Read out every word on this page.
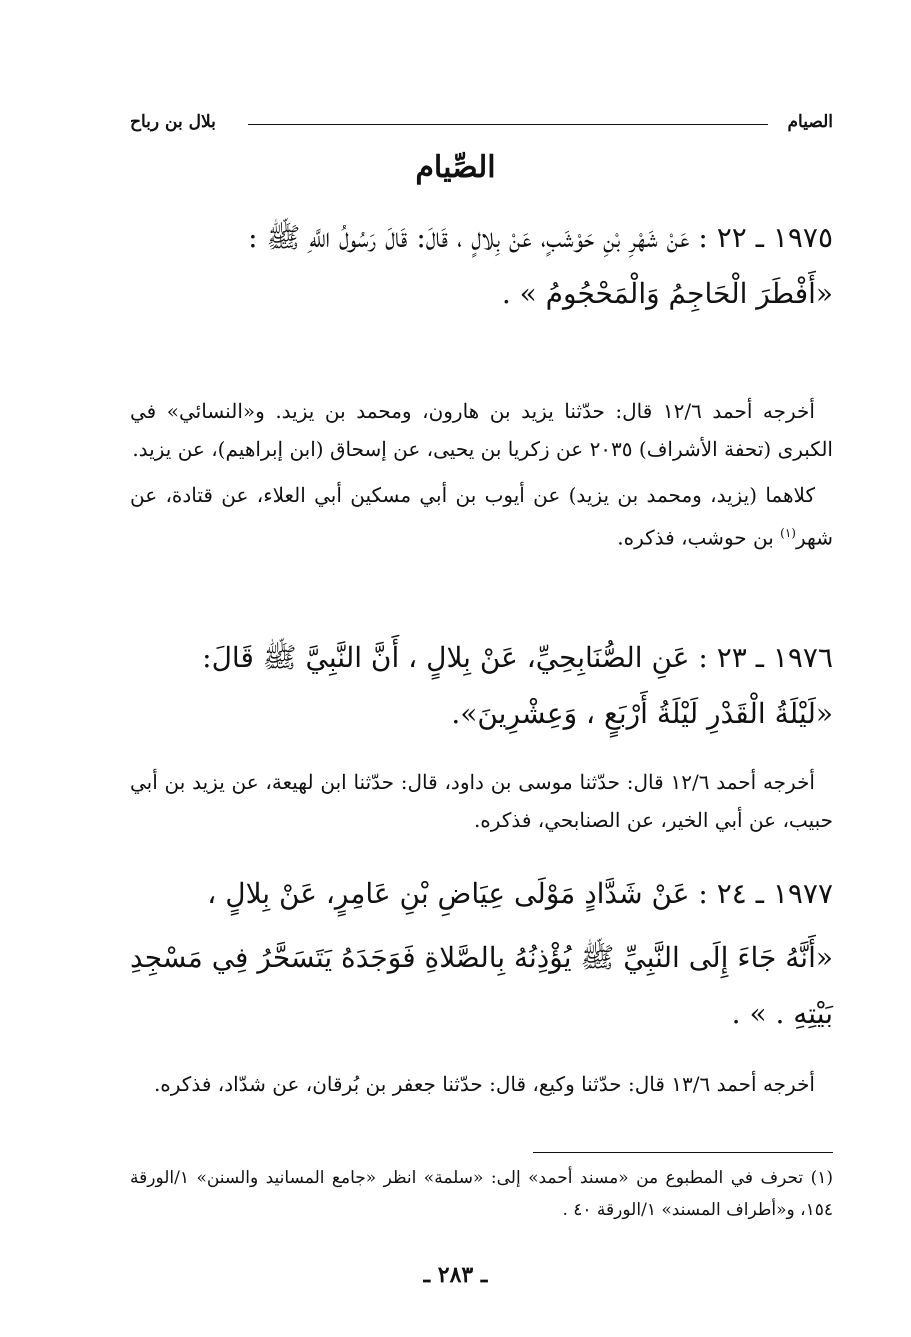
الصيام
بلال بن رباح
الصِّيام
١٩٧٥ ـ ٢٢ : عَنْ شَهْرِ بْنِ حَوْشَبٍ، عَنْ بِلالٍ ، قَالَ: قَالَ رَسُولُ اللَّهِ ﷺ :
«أَفْطَرَ الْحَاجِمُ وَالْمَحْجُومُ » .

أخرجه أحمد ١٢/٦ قال: حدّثنا يزيد بن هارون، ومحمد بن يزيد. و«النسائي» في الكبرى (تحفة الأشراف) ٢٠٣٥ عن زكريا بن يحيى، عن إسحاق (ابن إبراهيم)، عن يزيد.

كلاهما (يزيد، ومحمد بن يزيد) عن أيوب بن أبي مسكين أبي العلاء، عن قتادة، عن شهر$^{(١)}$ بن حوشب، فذكره.

١٩٧٦ ـ ٢٣ : عَنِ الصُّنَابِحِيِّ، عَنْ بِلالٍ ، أَنَّ النَّبِيَّ ﷺ قَالَ:
«لَيْلَةُ الْقَدْرِ لَيْلَةُ أَرْبَعٍ ، وَعِشْرِينَ».

أخرجه أحمد ١٢/٦ قال: حدّثنا موسى بن داود، قال: حدّثنا ابن لهيعة، عن يزيد بن أبي حبيب، عن أبي الخير، عن الصنابحي، فذكره.

١٩٧٧ ـ ٢٤ : عَنْ شَدَّادٍ مَوْلَى عِيَاضِ بْنِ عَامِرٍ، عَنْ بِلالٍ ،
«أَنَّهُ جَاءَ إِلَى النَّبِيِّ ﷺ يُؤْذِنُهُ بِالصَّلاةِ فَوَجَدَهُ يَتَسَحَّرُ فِي مَسْجِدِ بَيْتِهِ . » .

أخرجه أحمد ١٣/٦ قال: حدّثنا وكيع، قال: حدّثنا جعفر بن بُرقان، عن شدّاد، فذكره.

(١) تحرف في المطبوع من «مسند أحمد» إلى: «سلمة» انظر «جامع المسانيد والسنن» ١/الورقة ١٥٤، و«أطراف المسند» ١/الورقة ٤٠ .
ـ ٢٨٣ ـ
